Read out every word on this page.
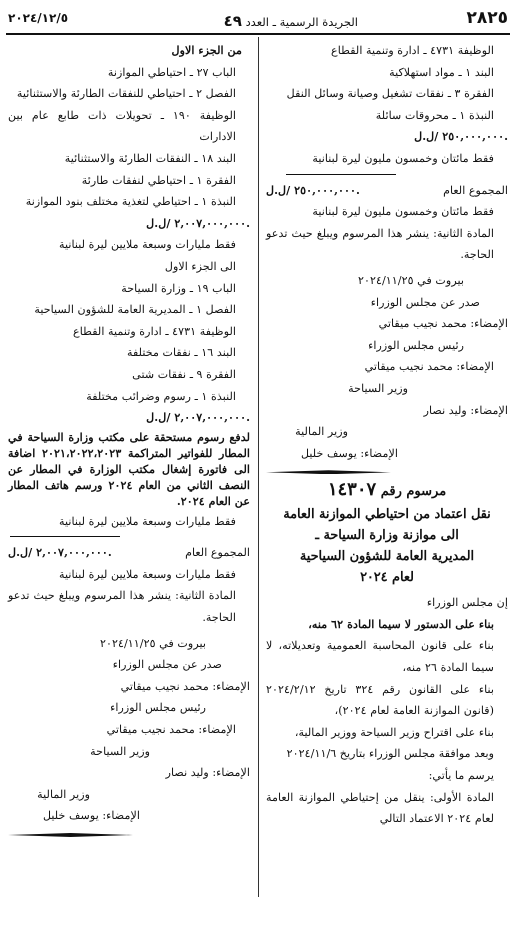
٢٨٢٥
الجريدة الرسمية ـ العدد ٤٩
٢٠٢٤/١٢/٥
الوظيفة ٤٧٣١ ـ ادارة وتنمية القطاع
البند ١ ـ مواد استهلاكية
الفقرة ٣ ـ نفقات تشغيل وصيانة وسائل النقل
النبذة ١ ـ محروقات سائلة
٢٥٠,٠٠٠,٠٠٠ /ل.ل.
فقط مائتان وخمسون مليون ليرة لبنانية
٢٥٠,٠٠٠,٠٠٠ /ل.ل.	المجموع العام
فقط مائتان وخمسون مليون ليرة لبنانية
المادة الثانية: ينشر هذا المرسوم ويبلغ حيث تدعو الحاجة.
بيروت في ٢٠٢٤/١١/٢٥
صدر عن مجلس الوزراء
الإمضاء: محمد نجيب ميقاتي
رئيس مجلس الوزراء
الإمضاء: محمد نجيب ميقاتي
وزير السياحة
الإمضاء: وليد نصار
وزير المالية
الإمضاء: يوسف خليل
مرسوم رقم ١٤٣٠٧
نقل اعتماد من احتياطي الموازنة العامة
الى موازنة وزارة السياحة ـ
المديرية العامة للشؤون السياحية
لعام ٢٠٢٤
إن مجلس الوزراء
بناء على الدستور لا سيما المادة ٦٢ منه،
بناء على قانون المحاسبة العمومية وتعديلاته، لا سيما المادة ٢٦ منه،
بناء على القانون رقم ٣٢٤ تاريخ ٢٠٢٤/٢/١٢ (قانون الموازنة العامة لعام ٢٠٢٤)،
بناء على اقتراح وزير السياحة ووزير المالية،
وبعد موافقة مجلس الوزراء بتاريخ ٢٠٢٤/١١/٦
يرسم ما يأتي:
المادة الأولى: ينقل من إحتياطي الموازنة العامة لعام ٢٠٢٤ الاعتماد التالي
من الجزء الاول
الباب ٢٧ ـ احتياطي الموازنة
الفصل ٢ ـ احتياطي للنفقات الطارئة والاستثنائية
الوظيفة ١٩٠ ـ تحويلات ذات طابع عام بين الادارات
البند ١٨ ـ النفقات الطارئة والاستثنائية
الفقرة ١ ـ احتياطي لنفقات طارئة
النبذة ١ ـ احتياطي لتغذية مختلف بنود الموازنة
٢,٠٠٧,٠٠٠,٠٠٠ /ل.ل.
فقط مليارات وسبعة ملايين ليرة لبنانية
الى الجزء الاول
الباب ١٩ ـ وزارة السياحة
الفصل ١ ـ المديرية العامة للشؤون السياحية
الوظيفة ٤٧٣١ ـ ادارة وتنمية القطاع
البند ١٦ ـ نفقات مختلفة
الفقرة ٩ ـ نفقات شتى
النبذة ١ ـ رسوم وضرائب مختلفة
٢,٠٠٧,٠٠٠,٠٠٠ /ل.ل.
لدفع رسوم مستحقة على مكتب وزارة السياحة في المطار للفواتير المتراكمة ٢٠٢١،٢٠٢٢،٢٠٢٣ اضافة الى فاتورة إشغال مكتب الوزارة في المطار عن النصف الثاني من العام ٢٠٢٤ ورسم هاتف المطار عن العام ٢٠٢٤.
فقط مليارات وسبعة ملايين ليرة لبنانية
٢,٠٠٧,٠٠٠,٠٠٠ /ل.ل.	المجموع العام
فقط مليارات وسبعة ملايين ليرة لبنانية
المادة الثانية: ينشر هذا المرسوم ويبلغ حيث تدعو الحاجة.
بيروت في ٢٠٢٤/١١/٢٥
صدر عن مجلس الوزراء
الإمضاء: محمد نجيب ميقاتي
رئيس مجلس الوزراء
الإمضاء: محمد نجيب ميقاتي
وزير السياحة
الإمضاء: وليد نصار
وزير المالية
الإمضاء: يوسف خليل
